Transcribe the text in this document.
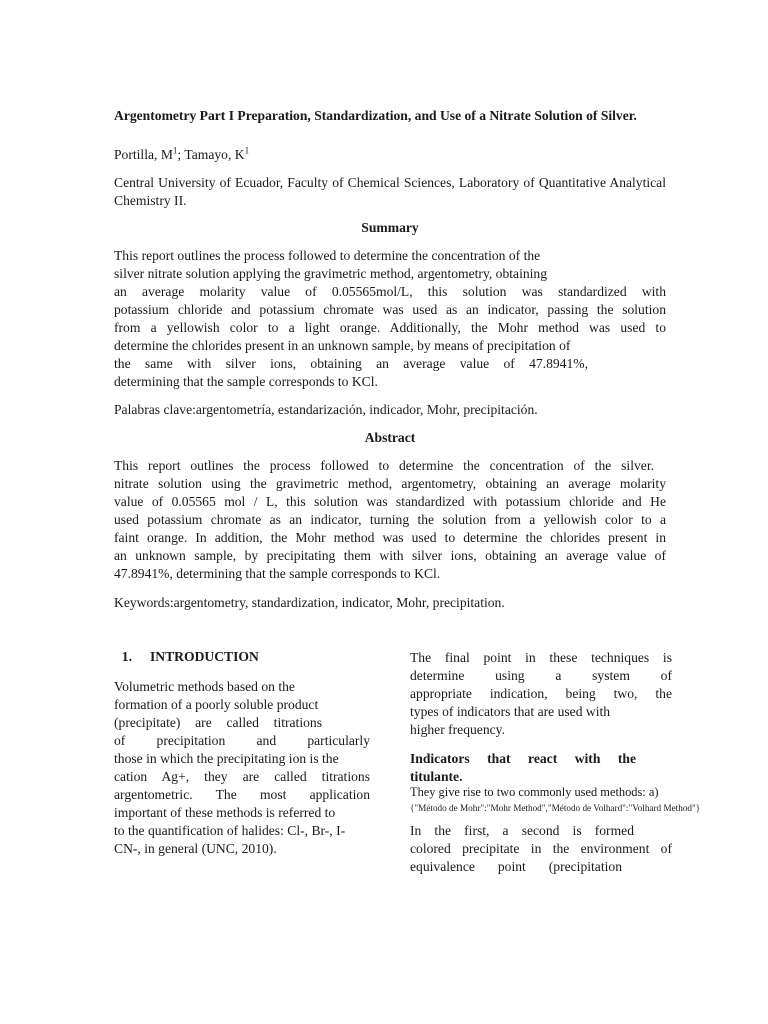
Argentometry Part I Preparation, Standardization, and Use of a Nitrate Solution of Silver.
Portilla, $M^1$; Tamayo, $K^1$
Central University of Ecuador, Faculty of Chemical Sciences, Laboratory of Quantitative Analytical Chemistry II.
Summary

This report outlines the process followed to determine the concentration of the

silver nitrate solution applying the gravimetric method, argentometry, obtaining

an average molarity value of 0.05565mol/L, this solution was standardized with

potassium chloride and potassium chromate was used as an indicator, passing the solution

from a yellowish color to a light orange. Additionally, the Mohr method was used to

determine the chlorides present in an unknown sample, by means of precipitation of

the same with silver ions, obtaining an average value of 47.8941%,

determining that the sample corresponds to KCl.

Palabras clave:argentometría, estandarización, indicador, Mohr, precipitación.
Abstract
This report outlines the process followed to determine the concentration of the silver.
nitrate solution using the gravimetric method, argentometry, obtaining an average molarity
value of 0.05565 mol / L, this solution was standardized with potassium chloride and He
used potassium chromate as an indicator, turning the solution from a yellowish color to a
faint orange. In addition, the Mohr method was used to determine the chlorides present in
an unknown sample, by precipitating them with silver ions, obtaining an average value of
47.8941%, determining that the sample corresponds to KCl.
Keywords:argentometry, standardization, indicator, Mohr, precipitation.
1. INTRODUCTION
Volumetric methods based on the
formation of a poorly soluble product
(precipitate) are called titrations
of precipitation and particularly
those in which the precipitating ion is the
cation Ag+, they are called titrations
argentometric. The most application
important of these methods is referred to
to the quantification of halides: Cl-, Br-, I-
CN-, in general (UNC, 2010).
The final point in these techniques is
determine using a system of
appropriate indication, being two, the
types of indicators that are used with
higher frequency.
Indicators that react with the
titulante.
They give rise to two commonly used methods: a)
{"Método de Mohr":"Mohr Method","Método de Volhard":"Volhard Method"}
In the first, a second is formed
colored precipitate in the environment of
equivalence point (precipitation
